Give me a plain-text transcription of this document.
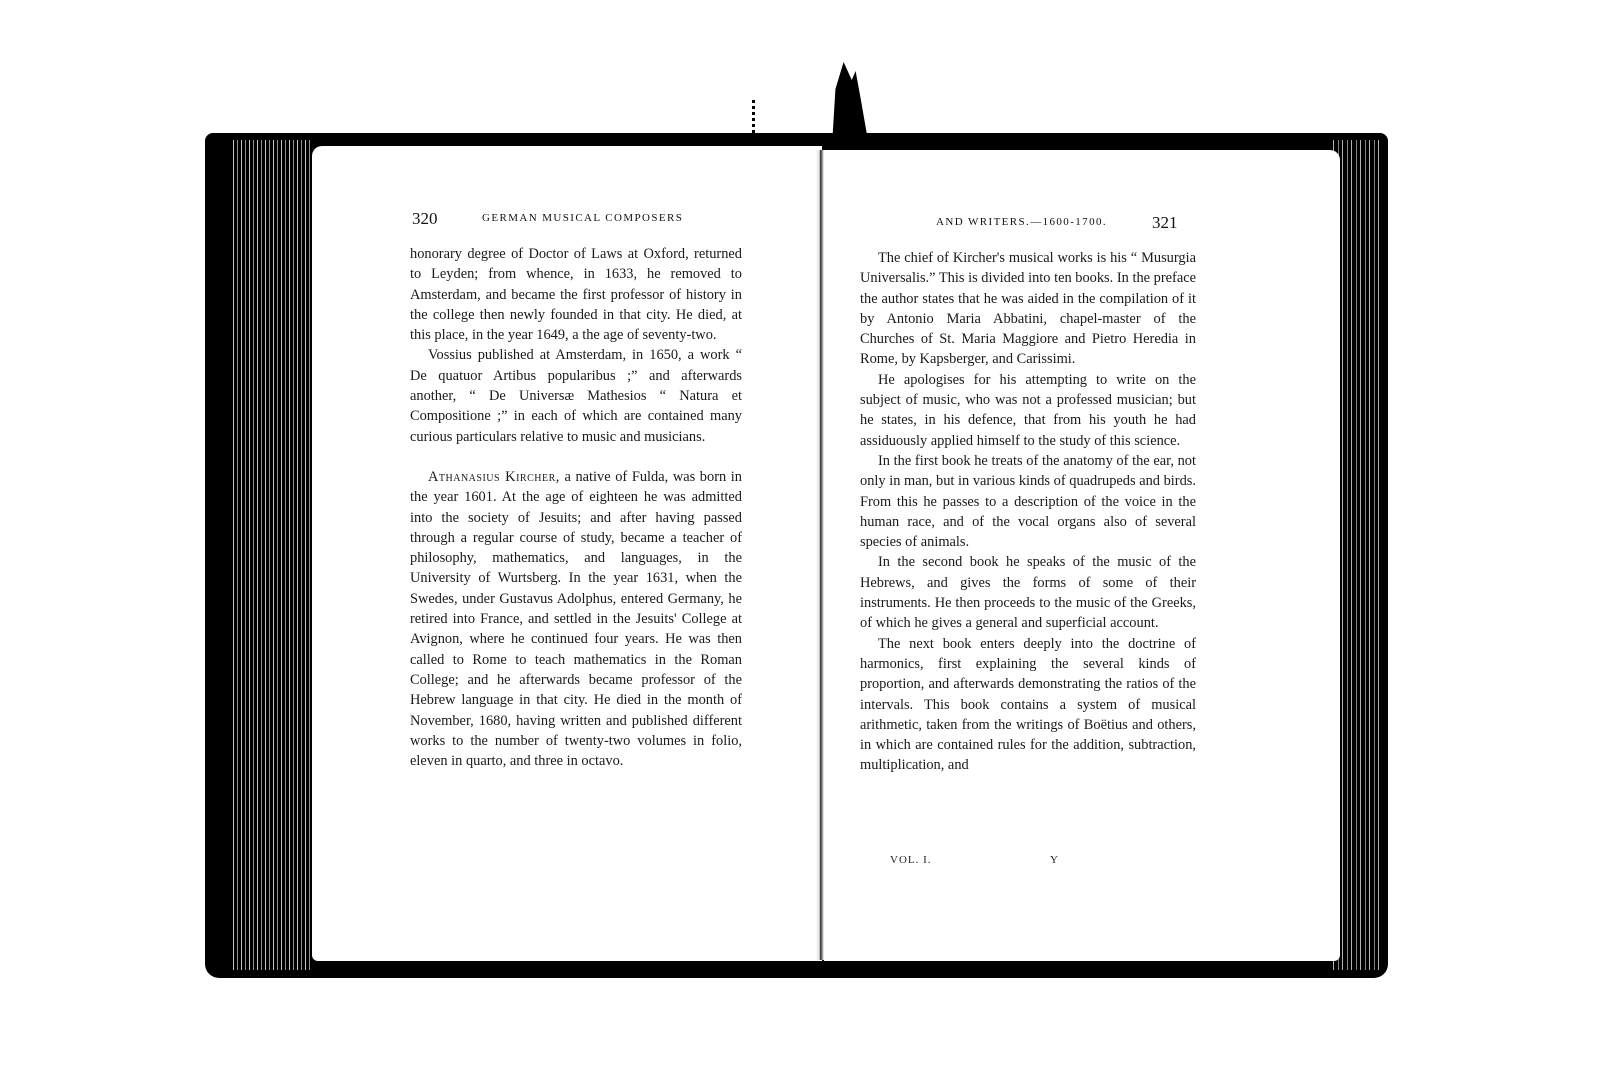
320	GERMAN MUSICAL COMPOSERS

honorary degree of Doctor of Laws at Oxford, returned to Leyden; from whence, in 1633, he removed to Amsterdam, and became the first professor of history in the college then newly founded in that city. He died, at this place, in the year 1649, a the age of seventy-two.

Vossius published at Amsterdam, in 1650, a work “ De quatuor Artibus popularibus ;” and afterwards another, “ De Universæ Mathesios “ Natura et Compositione ;” in each of which are contained many curious particulars relative to music and musicians.

Athanasius Kircher, a native of Fulda, was born in the year 1601. At the age of eighteen he was admitted into the society of Jesuits; and after having passed through a regular course of study, became a teacher of philosophy, mathematics, and languages, in the University of Wurtsberg. In the year 1631, when the Swedes, under Gustavus Adolphus, entered Germany, he retired into France, and settled in the Jesuits' College at Avignon, where he continued four years. He was then called to Rome to teach mathematics in the Roman College; and he afterwards became professor of the Hebrew language in that city. He died in the month of November, 1680, having written and published different works to the number of twenty-two volumes in folio, eleven in quarto, and three in octavo.

AND WRITERS.—1600-1700.	321

The chief of Kircher's musical works is his “ Musurgia Universalis.” This is divided into ten books. In the preface the author states that he was aided in the compilation of it by Antonio Maria Abbatini, chapel-master of the Churches of St. Maria Maggiore and Pietro Heredia in Rome, by Kapsberger, and Carissimi.

He apologises for his attempting to write on the subject of music, who was not a professed musician; but he states, in his defence, that from his youth he had assiduously applied himself to the study of this science.

In the first book he treats of the anatomy of the ear, not only in man, but in various kinds of quadrupeds and birds. From this he passes to a description of the voice in the human race, and of the vocal organs also of several species of animals.

In the second book he speaks of the music of the Hebrews, and gives the forms of some of their instruments. He then proceeds to the music of the Greeks, of which he gives a general and superficial account.

The next book enters deeply into the doctrine of harmonics, first explaining the several kinds of proportion, and afterwards demonstrating the ratios of the intervals. This book contains a system of musical arithmetic, taken from the writings of Boëtius and others, in which are contained rules for the addition, subtraction, multiplication, and

VOL. I.	Y
